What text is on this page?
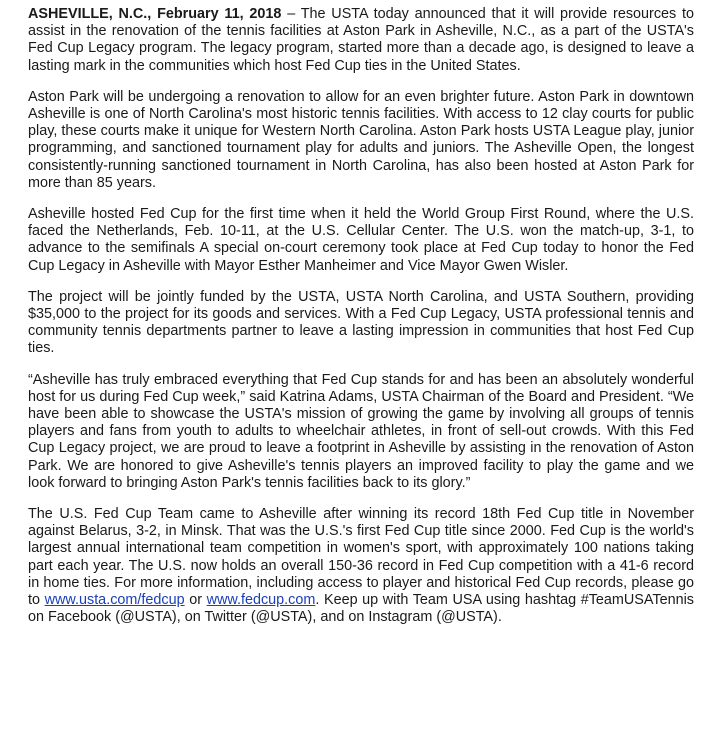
ASHEVILLE, N.C., February 11, 2018 – The USTA today announced that it will provide resources to assist in the renovation of the tennis facilities at Aston Park in Asheville, N.C., as a part of the USTA's Fed Cup Legacy program. The legacy program, started more than a decade ago, is designed to leave a lasting mark in the communities which host Fed Cup ties in the United States.

Aston Park will be undergoing a renovation to allow for an even brighter future. Aston Park in downtown Asheville is one of North Carolina's most historic tennis facilities. With access to 12 clay courts for public play, these courts make it unique for Western North Carolina. Aston Park hosts USTA League play, junior programming, and sanctioned tournament play for adults and juniors. The Asheville Open, the longest consistently-running sanctioned tournament in North Carolina, has also been hosted at Aston Park for more than 85 years.

Asheville hosted Fed Cup for the first time when it held the World Group First Round, where the U.S. faced the Netherlands, Feb. 10-11, at the U.S. Cellular Center. The U.S. won the match-up, 3-1, to advance to the semifinals A special on-court ceremony took place at Fed Cup today to honor the Fed Cup Legacy in Asheville with Mayor Esther Manheimer and Vice Mayor Gwen Wisler.

The project will be jointly funded by the USTA, USTA North Carolina, and USTA Southern, providing $35,000 to the project for its goods and services. With a Fed Cup Legacy, USTA professional tennis and community tennis departments partner to leave a lasting impression in communities that host Fed Cup ties.

“Asheville has truly embraced everything that Fed Cup stands for and has been an absolutely wonderful host for us during Fed Cup week,” said Katrina Adams, USTA Chairman of the Board and President. “We have been able to showcase the USTA's mission of growing the game by involving all groups of tennis players and fans from youth to adults to wheelchair athletes, in front of sell-out crowds. With this Fed Cup Legacy project, we are proud to leave a footprint in Asheville by assisting in the renovation of Aston Park. We are honored to give Asheville's tennis players an improved facility to play the game and we look forward to bringing Aston Park's tennis facilities back to its glory.”

The U.S. Fed Cup Team came to Asheville after winning its record 18th Fed Cup title in November against Belarus, 3-2, in Minsk. That was the U.S.'s first Fed Cup title since 2000. Fed Cup is the world's largest annual international team competition in women's sport, with approximately 100 nations taking part each year. The U.S. now holds an overall 150-36 record in Fed Cup competition with a 41-6 record in home ties. For more information, including access to player and historical Fed Cup records, please go to www.usta.com/fedcup or www.fedcup.com. Keep up with Team USA using hashtag #TeamUSATennis on Facebook (@USTA), on Twitter (@USTA), and on Instagram (@USTA).
